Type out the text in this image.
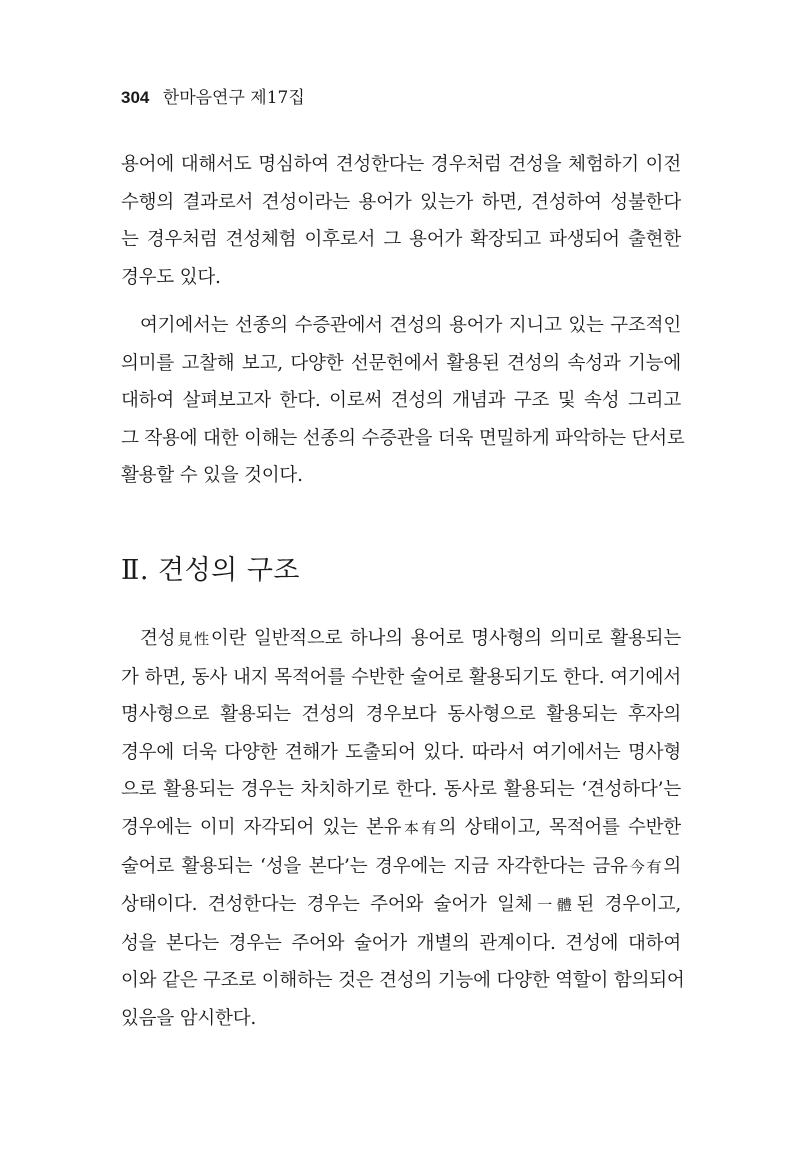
304 한마음연구 제17집
용어에 대해서도 명심하여 견성한다는 경우처럼 견성을 체험하기 이전
수행의 결과로서 견성이라는 용어가 있는가 하면, 견성하여 성불한다
는 경우처럼 견성체험 이후로서 그 용어가 확장되고 파생되어 출현한
경우도 있다.
여기에서는 선종의 수증관에서 견성의 용어가 지니고 있는 구조적인
의미를 고찰해 보고, 다양한 선문헌에서 활용된 견성의 속성과 기능에
대하여 살펴보고자 한다. 이로써 견성의 개념과 구조 및 속성 그리고
그 작용에 대한 이해는 선종의 수증관을 더욱 면밀하게 파악하는 단서로
활용할 수 있을 것이다.
Ⅱ. 견성의 구조
견성見性이란 일반적으로 하나의 용어로 명사형의 의미로 활용되는
가 하면, 동사 내지 목적어를 수반한 술어로 활용되기도 한다. 여기에서
명사형으로 활용되는 견성의 경우보다 동사형으로 활용되는 후자의
경우에 더욱 다양한 견해가 도출되어 있다. 따라서 여기에서는 명사형
으로 활용되는 경우는 차치하기로 한다. 동사로 활용되는 ‘견성하다’는
경우에는 이미 자각되어 있는 본유本有의 상태이고, 목적어를 수반한
술어로 활용되는 ‘성을 본다’는 경우에는 지금 자각한다는 금유今有의
상태이다. 견성한다는 경우는 주어와 술어가 일체一體된 경우이고,
성을 본다는 경우는 주어와 술어가 개별의 관계이다. 견성에 대하여
이와 같은 구조로 이해하는 것은 견성의 기능에 다양한 역할이 함의되어
있음을 암시한다.
